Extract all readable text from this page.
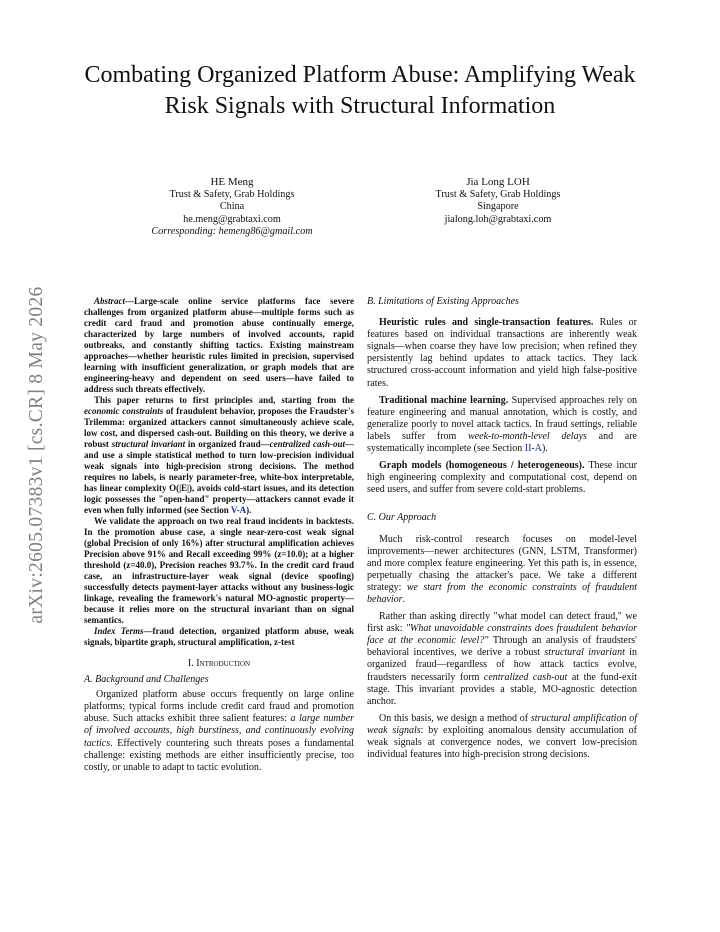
Combating Organized Platform Abuse: Amplifying Weak Risk Signals with Structural Information
HE Meng
Trust & Safety, Grab Holdings
China
he.meng@grabtaxi.com
Corresponding: hemeng86@gmail.com
Jia Long LOH
Trust & Safety, Grab Holdings
Singapore
jialong.loh@grabtaxi.com
arXiv:2605.07383v1 [cs.CR] 8 May 2026	Abstract—Large-scale online service platforms face severe challenges from organized platform abuse—multiple forms such as credit card fraud and promotion abuse continually emerge, characterized by large numbers of involved accounts, rapid outbreaks, and constantly shifting tactics. Existing mainstream approaches—whether heuristic rules limited in precision, supervised learning with insufficient generalization, or graph models that are engineering-heavy and dependent on seed users—have failed to address such threats effectively.

This paper returns to first principles and, starting from the economic constraints of fraudulent behavior, proposes the Fraudster's Trilemma: organized attackers cannot simultaneously achieve scale, low cost, and dispersed cash-out. Building on this theory, we derive a robust structural invariant in organized fraud—centralized cash-out—and use a simple statistical method to turn low-precision individual weak signals into high-precision strong decisions. The method requires no labels, is nearly parameter-free, white-box interpretable, has linear complexity O(|E|), avoids cold-start issues, and its detection logic possesses the "open-hand" property—attackers cannot evade it even when fully informed (see Section V-A).

We validate the approach on two real fraud incidents in backtests. In the promotion abuse case, a single near-zero-cost weak signal (global Precision of only 16%) after structural amplification achieves Precision above 91% and Recall exceeding 99% (z=10.0); at a higher threshold (z=40.0), Precision reaches 93.7%. In the credit card fraud case, an infrastructure-layer weak signal (device spoofing) successfully detects payment-layer attacks without any business-logic linkage, revealing the framework's natural MO-agnostic property—because it relies more on the structural invariant than on signal semantics.

Index Terms—fraud detection, organized platform abuse, weak signals, bipartite graph, structural amplification, z-test

I. Introduction
A. Background and Challenges

Organized platform abuse occurs frequently on large online platforms; typical forms include credit card fraud and promotion abuse. Such attacks exhibit three salient features: a large number of involved accounts, high burstiness, and continuously evolving tactics. Effectively countering such threats poses a fundamental challenge: existing methods are either insufficiently precise, too costly, or unable to adapt to tactic evolution.

B. Limitations of Existing Approaches

Heuristic rules and single-transaction features. Rules or features based on individual transactions are inherently weak signals—when coarse they have low precision; when refined they persistently lag behind updates to attack tactics. They lack structured cross-account information and yield high false-positive rates.

Traditional machine learning. Supervised approaches rely on feature engineering and manual annotation, which is costly, and generalize poorly to novel attack tactics. In fraud settings, reliable labels suffer from week-to-month-level delays and are systematically incomplete (see Section II-A).

Graph models (homogeneous / heterogeneous). These incur high engineering complexity and computational cost, depend on seed users, and suffer from severe cold-start problems.

C. Our Approach

Much risk-control research focuses on model-level improvements—newer architectures (GNN, LSTM, Transformer) and more complex feature engineering. Yet this path is, in essence, perpetually chasing the attacker's pace. We take a different strategy: we start from the economic constraints of fraudulent behavior.

Rather than asking directly "what model can detect fraud," we first ask: "What unavoidable constraints does fraudulent behavior face at the economic level?" Through an analysis of fraudsters' behavioral incentives, we derive a robust structural invariant in organized fraud—regardless of how attack tactics evolve, fraudsters necessarily form centralized cash-out at the fund-exit stage. This invariant provides a stable, MO-agnostic detection anchor.

On this basis, we design a method of structural amplification of weak signals: by exploiting anomalous density accumulation of weak signals at convergence nodes, we convert low-precision individual features into high-precision strong decisions.
